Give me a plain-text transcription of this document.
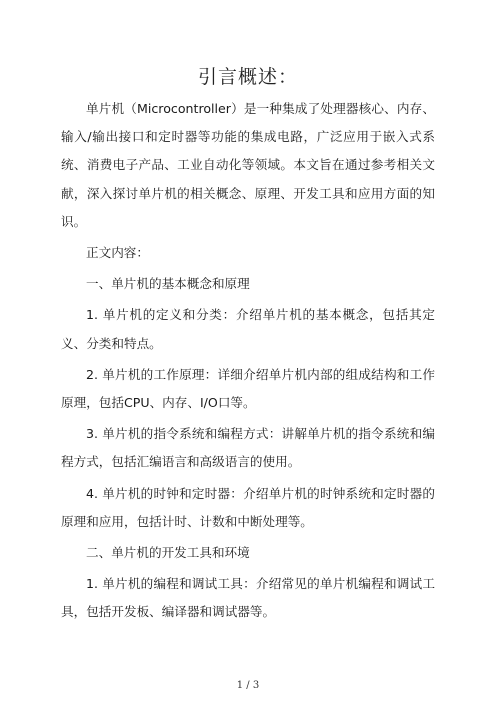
引言概述：

单片机（Microcontroller）是一种集成了处理器核心、内存、输入/输出接口和定时器等功能的集成电路，广泛应用于嵌入式系统、消费电子产品、工业自动化等领域。本文旨在通过参考相关文献，深入探讨单片机的相关概念、原理、开发工具和应用方面的知识。

正文内容：

一、单片机的基本概念和原理

1. 单片机的定义和分类：介绍单片机的基本概念，包括其定义、分类和特点。

2. 单片机的工作原理：详细介绍单片机内部的组成结构和工作原理，包括CPU、内存、I/O口等。

3. 单片机的指令系统和编程方式：讲解单片机的指令系统和编程方式，包括汇编语言和高级语言的使用。

4. 单片机的时钟和定时器：介绍单片机的时钟系统和定时器的原理和应用，包括计时、计数和中断处理等。

二、单片机的开发工具和环境

1. 单片机的编程和调试工具：介绍常见的单片机编程和调试工具，包括开发板、编译器和调试器等。

1 / 3
